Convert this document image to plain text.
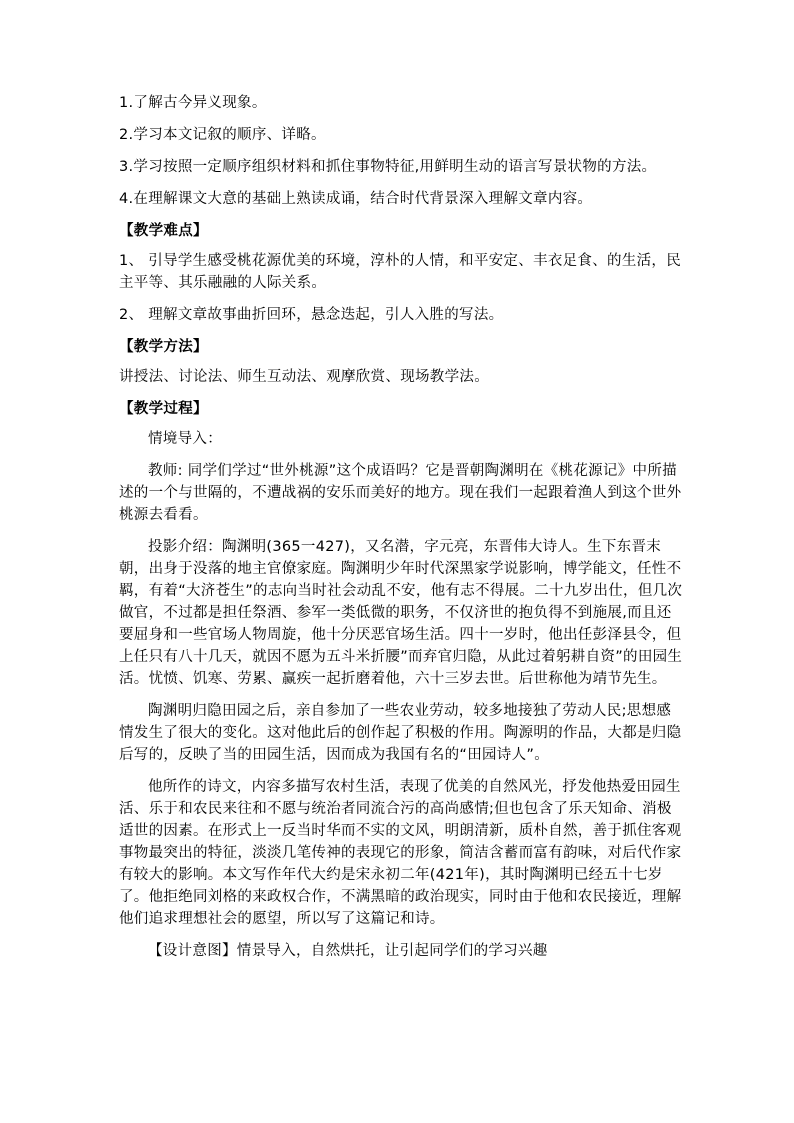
1.了解古今异义现象。

2.学习本文记叙的顺序、详略。

3.学习按照一定顺序组织材料和抓住事物特征,用鲜明生动的语言写景状物的方法。

4.在理解课文大意的基础上熟读成诵，结合时代背景深入理解文章内容。

【教学难点】

1、 引导学生感受桃花源优美的环境，淳朴的人情，和平安定、丰衣足食、的生活，民主平等、其乐融融的人际关系。

2、 理解文章故事曲折回环，悬念迭起，引人入胜的写法。

【教学方法】

讲授法、讨论法、师生互动法、观摩欣赏、现场教学法。

【教学过程】

情境导入：

教师: 同学们学过“世外桃源”这个成语吗？它是晋朝陶渊明在《桃花源记》中所描述的一个与世隔的，不遭战祸的安乐而美好的地方。现在我们一起跟着渔人到这个世外桃源去看看。

投影介绍：陶渊明(365一427)，又名潜，字元亮，东晋伟大诗人。生下东晋末朝，出身于没落的地主官僚家庭。陶渊明少年时代深黑家学说影响，博学能文，任性不羁，有着“大济苍生”的志向当时社会动乱不安，他有志不得展。二十九岁出仕，但几次做官，不过都是担任祭酒、参军一类低微的职务，不仅济世的抱负得不到施展,而且还要屈身和一些官场人物周旋，他十分厌恶官场生活。四十一岁时，他出任彭泽县令，但上任只有八十几天，就因不愿为五斗米折腰”而弃官归隐，从此过着躬耕自资”的田园生活。忧愤、饥寒、劳累、赢疾一起折磨着他，六十三岁去世。后世称他为靖节先生。

陶渊明归隐田园之后，亲自参加了一些农业劳动，较多地接独了劳动人民;思想感情发生了很大的变化。这对他此后的创作起了积极的作用。陶源明的作品，大都是归隐后写的，反映了当的田园生活，因而成为我国有名的“田园诗人”。

他所作的诗文，内容多描写农村生活，表现了优美的自然风光，抒发他热爱田园生活、乐于和农民来往和不愿与统治者同流合污的高尚感情;但也包含了乐天知命、消极适世的因素。在形式上一反当时华而不实的文风，明朗清新，质朴自然，善于抓住客观事物最突出的特征，淡淡几笔传神的表现它的形象，简洁含蓄而富有韵味，对后代作家有较大的影响。本文写作年代大约是宋永初二年(421年)，其时陶渊明已经五十七岁了。他拒绝同刘格的来政权合作，不满黑暗的政治现实，同时由于他和农民接近，理解他们追求理想社会的愿望，所以写了这篇记和诗。

【设计意图】情景导入，自然烘托，让引起同学们的学习兴趣
